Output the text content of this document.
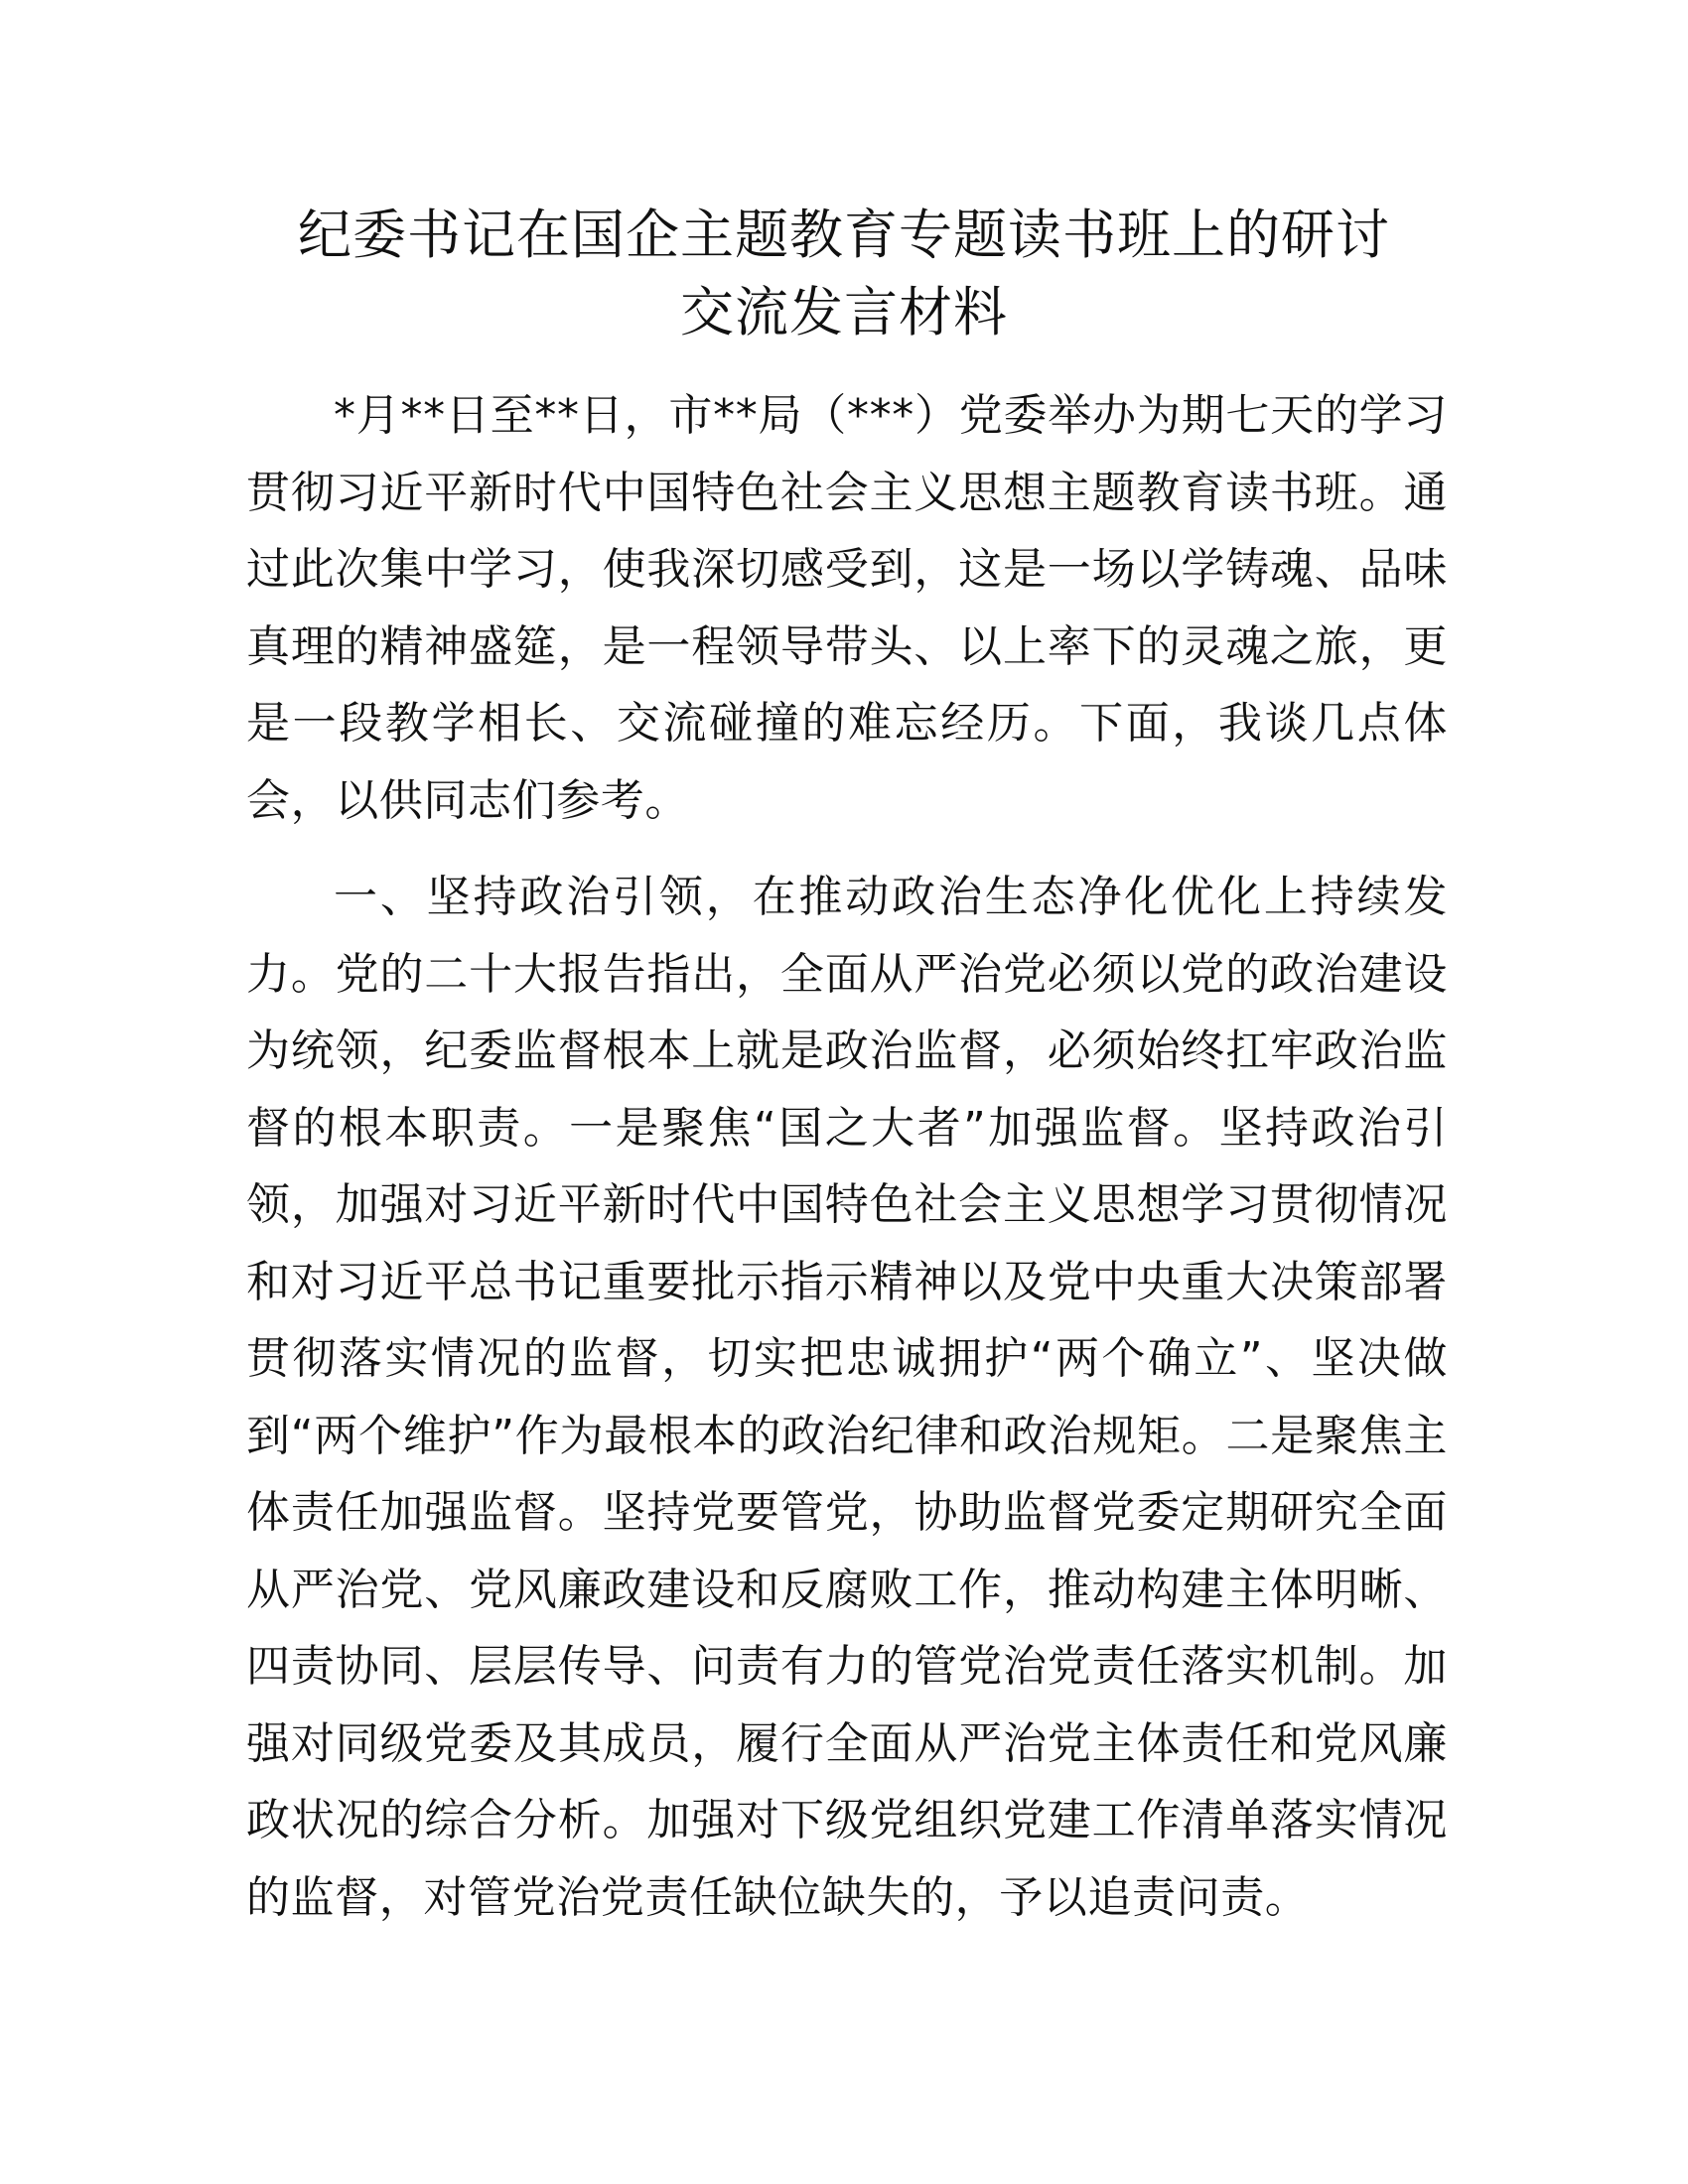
纪委书记在国企主题教育专题读书班上的研讨
交流发言材料

*月**日至**日，市**局（***）党委举办为期七天的学习贯彻习近平新时代中国特色社会主义思想主题教育读书班。通过此次集中学习，使我深切感受到，这是一场以学铸魂、品味真理的精神盛筵，是一程领导带头、以上率下的灵魂之旅，更是一段教学相长、交流碰撞的难忘经历。下面，我谈几点体会，以供同志们参考。

一、坚持政治引领，在推动政治生态净化优化上持续发力。党的二十大报告指出，全面从严治党必须以党的政治建设为统领，纪委监督根本上就是政治监督，必须始终扛牢政治监督的根本职责。一是聚焦“国之大者”加强监督。坚持政治引领，加强对习近平新时代中国特色社会主义思想学习贯彻情况和对习近平总书记重要批示指示精神以及党中央重大决策部署贯彻落实情况的监督，切实把忠诚拥护“两个确立”、坚决做到“两个维护”作为最根本的政治纪律和政治规矩。二是聚焦主体责任加强监督。坚持党要管党，协助监督党委定期研究全面从严治党、党风廉政建设和反腐败工作，推动构建主体明晰、四责协同、层层传导、问责有力的管党治党责任落实机制。加强对同级党委及其成员，履行全面从严治党主体责任和党风廉政状况的综合分析。加强对下级党组织党建工作清单落实情况的监督，对管党治党责任缺位缺失的，予以追责问责。
